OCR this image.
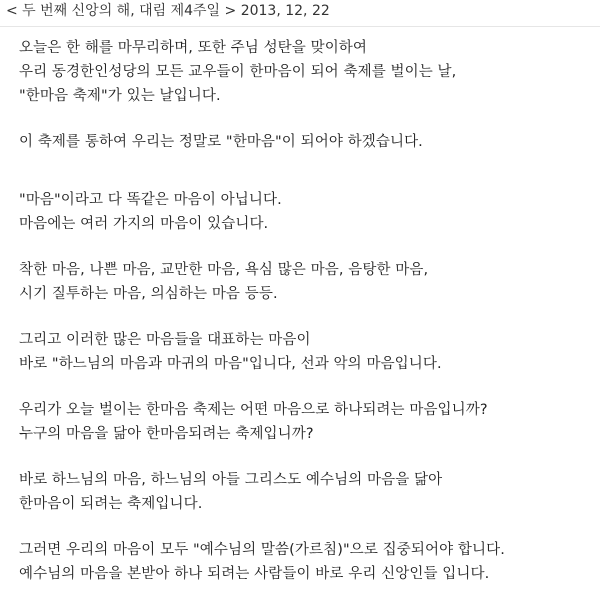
< 두 번째 신앙의 해, 대림 제4주일 > 2013, 12, 22
오늘은 한 해를 마무리하며, 또한 주님 성탄을 맞이하여
우리 동경한인성당의 모든 교우들이 한마음이 되어 축제를 벌이는 날,
"한마음 축제"가 있는 날입니다.
이 축제를 통하여 우리는 정말로 "한마음"이 되어야 하겠습니다.
"마음"이라고 다 똑같은 마음이 아닙니다.
마음에는 여러 가지의 마음이 있습니다.
착한 마음, 나쁜 마음, 교만한 마음, 욕심 많은 마음, 음탕한 마음,
시기 질투하는 마음, 의심하는 마음 등등.
그리고 이러한 많은 마음들을 대표하는 마음이
바로 "하느님의 마음과 마귀의 마음"입니다, 선과 악의 마음입니다.
우리가 오늘 벌이는 한마음 축제는 어떤 마음으로 하나되려는 마음입니까?
누구의 마음을 닮아 한마음되려는 축제입니까?
바로 하느님의 마음, 하느님의 아들 그리스도 예수님의 마음을 닮아
한마음이 되려는 축제입니다.
그러면 우리의 마음이 모두 "예수님의 말씀(가르침)"으로 집중되어야 합니다.
예수님의 마음을 본받아 하나 되려는 사람들이 바로 우리 신앙인들 입니다.
